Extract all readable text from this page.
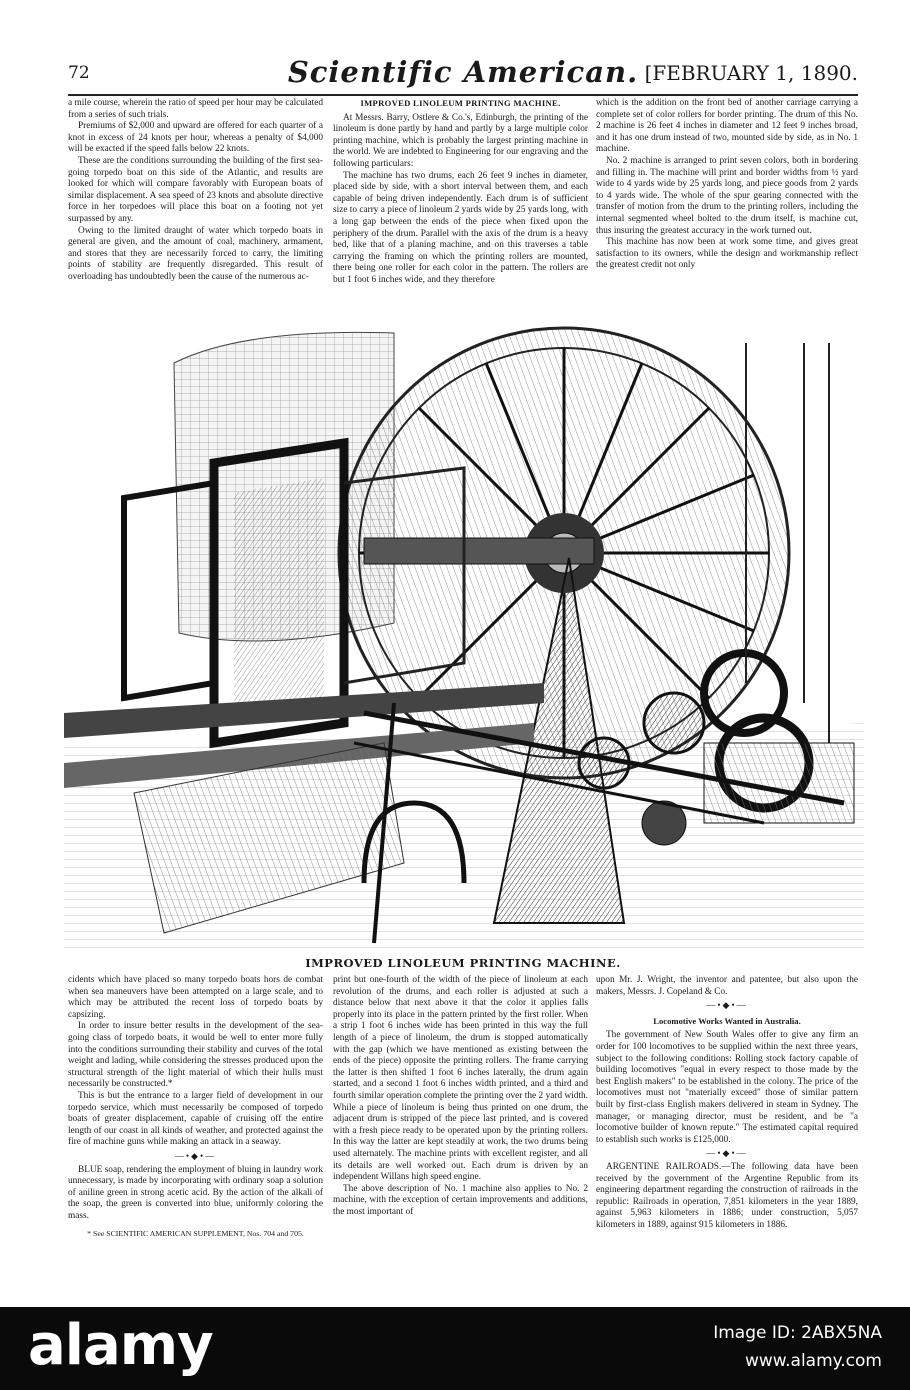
72	Scientific American. [FEBRUARY 1, 1890.

a mile course, wherein the ratio of speed per hour may be calculated from a series of such trials.

Premiums of $2,000 and upward are offered for each quarter of a knot in excess of 24 knots per hour, whereas a penalty of $4,000 will be exacted if the speed falls below 22 knots.

These are the conditions surrounding the building of the first sea-going torpedo boat on this side of the Atlantic, and results are looked for which will compare favorably with European boats of similar displacement. A sea speed of 23 knots and absolute directive force in her torpedoes will place this boat on a footing not yet surpassed by any.

Owing to the limited draught of water which torpedo boats in general are given, and the amount of coal, machinery, armament, and stores that they are necessarily forced to carry, the limiting points of stability are frequently disregarded. This result of overloading has undoubtedly been the cause of the numerous ac-

IMPROVED LINOLEUM PRINTING MACHINE.

At Messrs. Barry, Ostlere & Co.'s, Edinburgh, the printing of the linoleum is done partly by hand and partly by a large multiple color printing machine, which is probably the largest printing machine in the world. We are indebted to Engineering for our engraving and the following particulars:

The machine has two drums, each 26 feet 9 inches in diameter, placed side by side, with a short interval between them, and each capable of being driven independently. Each drum is of sufficient size to carry a piece of linoleum 2 yards wide by 25 yards long, with a long gap between the ends of the piece when fixed upon the periphery of the drum. Parallel with the axis of the drum is a heavy bed, like that of a planing machine, and on this traverses a table carrying the framing on which the printing rollers are mounted, there being one roller for each color in the pattern. The rollers are but 1 foot 6 inches wide, and they therefore

which is the addition on the front bed of another carriage carrying a complete set of color rollers for border printing. The drum of this No. 2 machine is 26 feet 4 inches in diameter and 12 feet 9 inches broad, and it has one drum instead of two, mounted side by side, as in No. 1 machine.

No. 2 machine is arranged to print seven colors, both in bordering and filling in. The machine will print and border widths from ½ yard wide to 4 yards wide by 25 yards long, and piece goods from 2 yards to 4 yards wide. The whole of the spur gearing connected with the transfer of motion from the drum to the printing rollers, including the internal segmented wheel bolted to the drum itself, is machine cut, thus insuring the greatest accuracy in the work turned out.

This machine has now been at work some time, and gives great satisfaction to its owners, while the design and workmanship reflect the greatest credit not only

IMPROVED LINOLEUM PRINTING MACHINE.

cidents which have placed so many torpedo boats hors de combat when sea maneuvers have been attempted on a large scale, and to which may be attributed the recent loss of torpedo boats by capsizing.

In order to insure better results in the development of the sea-going class of torpedo boats, it would be well to enter more fully into the conditions surrounding their stability and curves of the total weight and lading, while considering the stresses produced upon the structural strength of the light material of which their hulls must necessarily be constructed.*

This is but the entrance to a larger field of development in our torpedo service, which must necessarily be composed of torpedo boats of greater displacement, capable of cruising off the entire length of our coast in all kinds of weather, and protected against the fire of machine guns while making an attack in a seaway.

—•◆•—

BLUE soap, rendering the employment of bluing in laundry work unnecessary, is made by incorporating with ordinary soap a solution of aniline green in strong acetic acid. By the action of the alkali of the soap, the green is converted into blue, uniformly coloring the mass.

* See SCIENTIFIC AMERICAN SUPPLEMENT, Nos. 704 and 705.

print but one-fourth of the width of the piece of linoleum at each revolution of the drums, and each roller is adjusted at such a distance below that next above it that the color it applies falls properly into its place in the pattern printed by the first roller. When a strip 1 foot 6 inches wide has been printed in this way the full length of a piece of linoleum, the drum is stopped automatically with the gap (which we have mentioned as existing between the ends of the piece) opposite the printing rollers. The frame carrying the latter is then shifted 1 foot 6 inches laterally, the drum again started, and a second 1 foot 6 inches width printed, and a third and fourth similar operation complete the printing over the 2 yard width. While a piece of linoleum is being thus printed on one drum, the adjacent drum is stripped of the piece last printed, and is covered with a fresh piece ready to be operated upon by the printing rollers. In this way the latter are kept steadily at work, the two drums being used alternately. The machine prints with excellent register, and all its details are well worked out. Each drum is driven by an independent Willans high speed engine.

The above description of No. 1 machine also applies to No. 2 machine, with the exception of certain improvements and additions, the most important of

upon Mr. J. Wright, the inventor and patentee, but also upon the makers, Messrs. J. Copeland & Co.

—•◆•—
Locomotive Works Wanted in Australia.

The government of New South Wales offer to give any firm an order for 100 locomotives to be supplied within the next three years, subject to the following conditions: Rolling stock factory capable of building locomotives "equal in every respect to those made by the best English makers" to be established in the colony. The price of the locomotives must not "materially exceed" those of similar pattern built by first-class English makers delivered in steam in Sydney. The manager, or managing director, must be resident, and be "a locomotive builder of known repute." The estimated capital required to establish such works is £125,000.

—•◆•—

ARGENTINE RAILROADS.—The following data have been received by the government of the Argentine Republic from its engineering department regarding the construction of railroads in the republic: Railroads in operation, 7,851 kilometers in the year 1889, against 5,963 kilometers in 1886; under construction, 5,057 kilometers in 1889, against 915 kilometers in 1886.

alamy	Image ID: 2ABX5NA
www.alamy.com
